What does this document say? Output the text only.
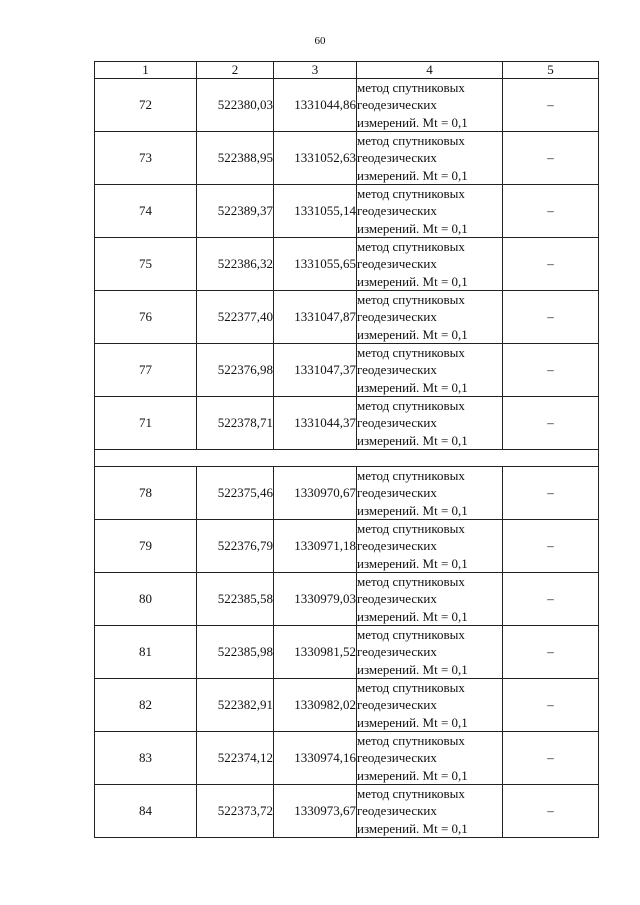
60
1	2	3	4	5
72	522380,03	1331044,86	метод спутниковых
геодезических
измерений. Mt = 0,1	–
73	522388,95	1331052,63	метод спутниковых
геодезических
измерений. Mt = 0,1	–
74	522389,37	1331055,14	метод спутниковых
геодезических
измерений. Mt = 0,1	–
75	522386,32	1331055,65	метод спутниковых
геодезических
измерений. Mt = 0,1	–
76	522377,40	1331047,87	метод спутниковых
геодезических
измерений. Mt = 0,1	–
77	522376,98	1331047,37	метод спутниковых
геодезических
измерений. Mt = 0,1	–
71	522378,71	1331044,37	метод спутниковых
геодезических
измерений. Mt = 0,1	–

78	522375,46	1330970,67	метод спутниковых
геодезических
измерений. Mt = 0,1	–
79	522376,79	1330971,18	метод спутниковых
геодезических
измерений. Mt = 0,1	–
80	522385,58	1330979,03	метод спутниковых
геодезических
измерений. Mt = 0,1	–
81	522385,98	1330981,52	метод спутниковых
геодезических
измерений. Mt = 0,1	–
82	522382,91	1330982,02	метод спутниковых
геодезических
измерений. Mt = 0,1	–
83	522374,12	1330974,16	метод спутниковых
геодезических
измерений. Mt = 0,1	–
84	522373,72	1330973,67	метод спутниковых
геодезических
измерений. Mt = 0,1	–
